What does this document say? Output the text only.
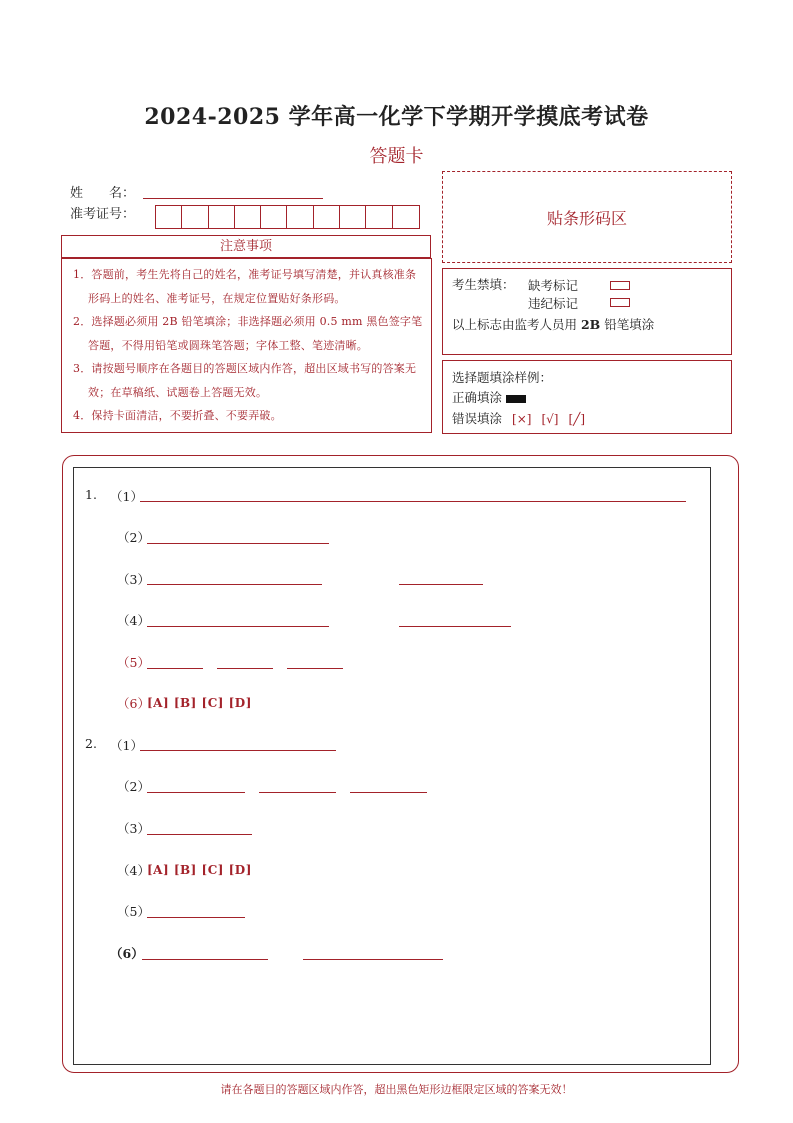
2024-2025 学年高一化学下学期开学摸底考试卷
答题卡
姓　　名：
准考证号：
注意事项

1．答题前，考生先将自己的姓名，准考证号填写清楚，并认真核准条形码上的姓名、准考证号，在规定位置贴好条形码。

2．选择题必须用 2B 铅笔填涂；非选择题必须用 0.5 mm 黑色签字笔答题，不得用铅笔或圆珠笔答题；字体工整、笔迹清晰。

3．请按题号顺序在各题目的答题区域内作答，超出区域书写的答案无效；在草稿纸、试题卷上答题无效。

4．保持卡面清洁，不要折叠、不要弄破。

贴条形码区
考生禁填： 缺考标记
违纪标记
以上标志由监考人员用 2B 铅笔填涂
选择题填涂样例：
正确填涂
错误填涂 [×] [√] [╱]
1. （1）
（2）
（3）
（4）
（5）
（6）
[A] [B] [C] [D]
2. （1）
（2）
（3）
（4）
[A] [B] [C] [D]
（5）
（6）
请在各题目的答题区域内作答，超出黑色矩形边框限定区域的答案无效！
